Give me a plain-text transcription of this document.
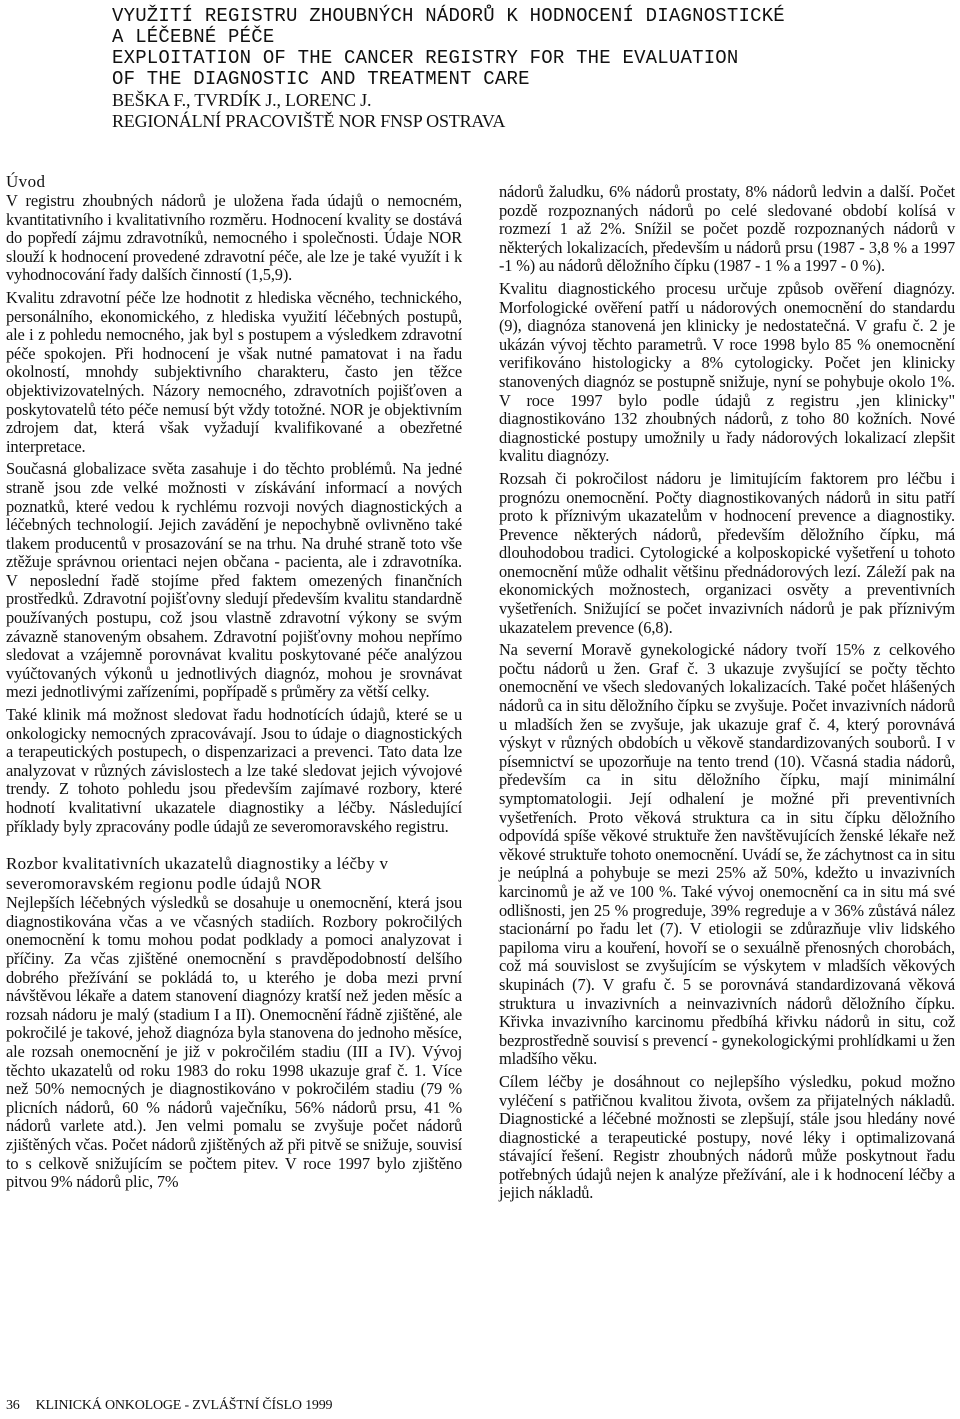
VYUŽITÍ REGISTRU ZHOUBNÝCH NÁDORŮ K HODNOCENÍ DIAGNOSTICKÉ
A LÉČEBNÉ PÉČE
EXPLOITATION OF THE CANCER REGISTRY FOR THE EVALUATION
OF THE DIAGNOSTIC AND TREATMENT CARE
BEŠKA F., TVRDÍK J., LORENC J.
REGIONÁLNÍ PRACOVIŠTĚ NOR FNSP OSTRAVA
Úvod

V registru zhoubných nádorů je uložena řada údajů o nemocném, kvantitativního i kvalitativního rozměru. Hodnocení kvality se dostává do popředí zájmu zdravotníků, nemocného i společnosti. Údaje NOR slouží k hodnocení provedené zdravotní péče, ale lze je také využít i k vyhodnocování řady dalších činností (1,5,9).

Kvalitu zdravotní péče lze hodnotit z hlediska věcného, technického, personálního, ekonomického, z hlediska využití léčebných postupů, ale i z pohledu nemocného, jak byl s postupem a výsledkem zdravotní péče spokojen. Při hodnocení je však nutné pamatovat i na řadu okolností, mnohdy subjektivního charakteru, často jen těžce objektivizovatelných. Názory nemocného, zdravotních pojišťoven a poskytovatelů této péče nemusí být vždy totožné. NOR je objektivním zdrojem dat, která však vyžadují kvalifikované a obezřetné interpretace.

Současná globalizace světa zasahuje i do těchto problémů. Na jedné straně jsou zde velké možnosti v získávání informací a nových poznatků, které vedou k rychlému rozvoji nových diagnostických a léčebných technologií. Jejich zavádění je nepochybně ovlivněno také tlakem producentů v prosazování se na trhu. Na druhé straně toto vše ztěžuje správnou orientaci nejen občana - pacienta, ale i zdravotníka. V neposlední řadě stojíme před faktem omezených finančních prostředků. Zdravotní pojišťovny sledují především kvalitu standardně používaných postupu, což jsou vlastně zdravotní výkony se svým závazně stanoveným obsahem. Zdravotní pojišťovny mohou nepřímo sledovat a vzájemně porovnávat kvalitu poskytované péče analýzou vyúčtovaných výkonů u jednotlivých diagnóz, mohou je srovnávat mezi jednotlivými zařízeními, popřípadě s průměry za větší celky.

Také klinik má možnost sledovat řadu hodnotících údajů, které se u onkologicky nemocných zpracovávají. Jsou to údaje o diagnostických a terapeutických postupech, o dispenzarizaci a prevenci. Tato data lze analyzovat v různých závislostech a lze také sledovat jejich vývojové trendy. Z tohoto pohledu jsou především zajímavé rozbory, které hodnotí kvalitativní ukazatele diagnostiky a léčby. Následující příklady byly zpracovány podle údajů ze severomoravského registru.

Rozbor kvalitativních ukazatelů diagnostiky a léčby v severomoravském regionu podle údajů NOR

Nejlepších léčebných výsledků se dosahuje u onemocnění, která jsou diagnostikována včas a ve včasných stadiích. Rozbory pokročilých onemocnění k tomu mohou podat podklady a pomoci analyzovat i příčiny. Za včas zjištěné onemocnění s pravděpodobností delšího dobrého přežívání se pokládá to, u kterého je doba mezi první návštěvou lékaře a datem stanovení diagnózy kratší než jeden měsíc a rozsah nádoru je malý (stadium I a II). Onemocnění řádně zjištěné, ale pokročilé je takové, jehož diagnóza byla stanovena do jednoho měsíce, ale rozsah onemocnění je již v pokročilém stadiu (III a IV). Vývoj těchto ukazatelů od roku 1983 do roku 1998 ukazuje graf č. 1. Více než 50% nemocných je diagnostikováno v pokročilém stadiu (79 % plicních nádorů, 60 % nádorů vaječníku, 56% nádorů prsu, 41 % nádorů varlete atd.). Jen velmi pomalu se zvyšuje počet nádorů zjištěných včas. Počet nádorů zjištěných až při pitvě se snižuje, souvisí to s celkově snižujícím se počtem pitev. V roce 1997 bylo zjištěno pitvou 9% nádorů plic, 7%

nádorů žaludku, 6% nádorů prostaty, 8% nádorů ledvin a další. Počet pozdě rozpoznaných nádorů po celé sledované období kolísá v rozmezí 1 až 2%. Snížil se počet pozdě rozpoznaných nádorů v některých lokalizacích, především u nádorů prsu (1987 - 3,8 % a 1997 -1 %) au nádorů děložního čípku (1987 - 1 % a 1997 - 0 %).

Kvalitu diagnostického procesu určuje způsob ověření diagnózy. Morfologické ověření patří u nádorových onemocnění do standardu (9), diagnóza stanovená jen klinicky je nedostatečná. V grafu č. 2 je ukázán vývoj těchto parametrů. V roce 1998 bylo 85 % onemocnění verifikováno histologicky a 8% cytologicky. Počet jen klinicky stanovených diagnóz se postupně snižuje, nyní se pohybuje okolo 1%. V roce 1997 bylo podle údajů z registru ‚jen klinicky" diagnostikováno 132 zhoubných nádorů, z toho 80 kožních. Nové diagnostické postupy umožnily u řady nádorových lokalizací zlepšit kvalitu diagnózy.

Rozsah či pokročilost nádoru je limitujícím faktorem pro léčbu i prognózu onemocnění. Počty diagnostikovaných nádorů in situ patří proto k příznivým ukazatelům v hodnocení prevence a diagnostiky. Prevence některých nádorů, především děložního čípku, má dlouhodobou tradici. Cytologické a kolposkopické vyšetření u tohoto onemocnění může odhalit většinu přednádorových lezí. Záleží pak na ekonomických možnostech, organizaci osvěty a preventivních vyšetřeních. Snižující se počet invazivních nádorů je pak příznivým ukazatelem prevence (6,8).

Na severní Moravě gynekologické nádory tvoří 15% z celkového počtu nádorů u žen. Graf č. 3 ukazuje zvyšující se počty těchto onemocnění ve všech sledovaných lokalizacích. Také počet hlášených nádorů ca in situ děložního čípku se zvyšuje. Počet invazivních nádorů u mladších žen se zvyšuje, jak ukazuje graf č. 4, který porovnává výskyt v různých obdobích u věkově standardizovaných souborů. I v písemnictví se upozorňuje na tento trend (10). Včasná stadia nádorů, především ca in situ děložního čípku, mají minimální symptomatologii. Její odhalení je možné při preventivních vyšetřeních. Proto věková struktura ca in situ čípku děložního odpovídá spíše věkové struktuře žen navštěvujících ženské lékaře než věkové struktuře tohoto onemocnění. Uvádí se, že záchytnost ca in situ je neúplná a pohybuje se mezi 25% až 50%, kdežto u invazivních karcinomů je až ve 100 %. Také vývoj onemocnění ca in situ má své odlišnosti, jen 25 % progreduje, 39% regreduje a v 36% zůstává nález stacionární po řadu let (7). V etiologii se zdůrazňuje vliv lidského papiloma viru a kouření, hovoří se o sexuálně přenosných chorobách, což má souvislost se zvyšujícím se výskytem v mladších věkových skupinách (7). V grafu č. 5 se porovnává standardizovaná věková struktura u invazivních a neinvazivních nádorů děložního čípku. Křivka invazivního karcinomu předbíhá křivku nádorů in situ, což bezprostředně souvisí s prevencí - gynekologickými prohlídkami u žen mladšího věku.

Cílem léčby je dosáhnout co nejlepšího výsledku, pokud možno vyléčení s patřičnou kvalitou života, ovšem za přijatelných nákladů. Diagnostické a léčebné možnosti se zlepšují, stále jsou hledány nové diagnostické a terapeutické postupy, nové léky i optimalizovaná stávající řešení. Registr zhoubných nádorů může poskytnout řadu potřebných údajů nejen k analýze přežívání, ale i k hodnocení léčby a jejich nákladů.

36 KLINICKÁ ONKOLOGE - ZVLÁŠTNÍ ČÍSLO 1999
